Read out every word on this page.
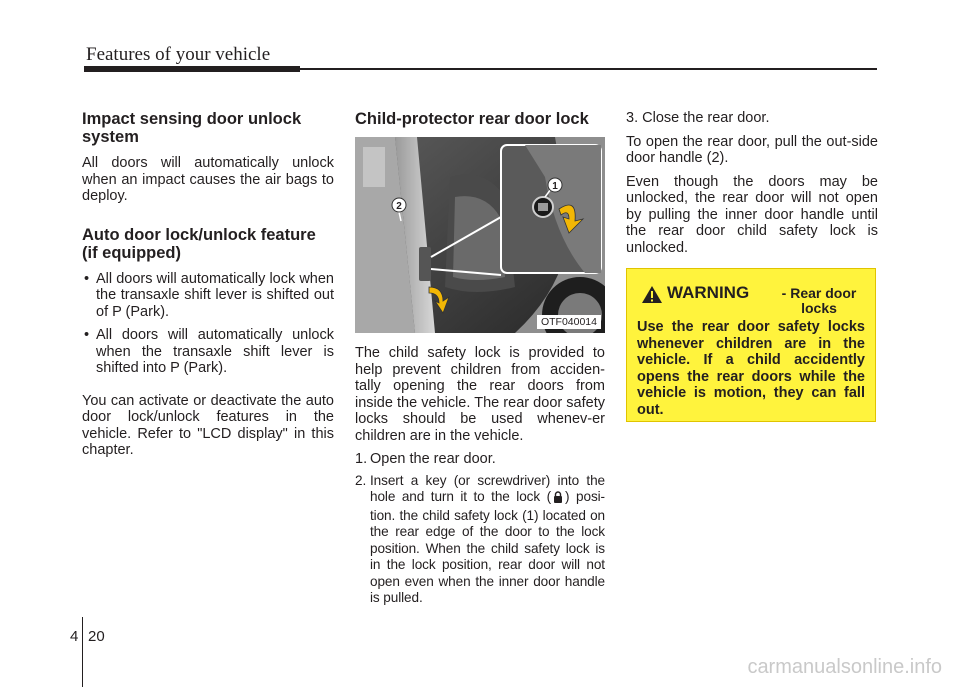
Features of your vehicle
Impact sensing door unlock system

All doors will automatically unlock when an impact causes the air bags to deploy.

Auto door lock/unlock feature (if equipped)
• All doors will automatically lock when the transaxle shift lever is shifted out of P (Park).
• All doors will automatically unlock when the transaxle shift lever is shifted into P (Park).

You can activate or deactivate the auto door lock/unlock features in the vehicle. Refer to "LCD display" in this chapter.

Child-protector rear door lock
2
1
OTF040014

The child safety lock is provided to help prevent children from acciden-tally opening the rear doors from inside the vehicle. The rear door safety locks should be used whenev-er children are in the vehicle.

1. Open the rear door.
2. Insert a key (or screwdriver) into the hole and turn it to the lock ( ) posi-tion. the child safety lock (1) located on the rear edge of the door to the lock position. When the child safety lock is in the lock position, rear door will not open even when the inner door handle is pulled.

3. Close the rear door.

To open the rear door, pull the out-side door handle (2).

Even though the doors may be unlocked, the rear door will not open by pulling the inner door handle until the rear door child safety lock is unlocked.

WARNING	- Rear door locks

Use the rear door safety locks whenever children are in the vehicle. If a child accidently opens the rear doors while the vehicle is motion, they can fall out.

4 20
carmanualsonline.info
